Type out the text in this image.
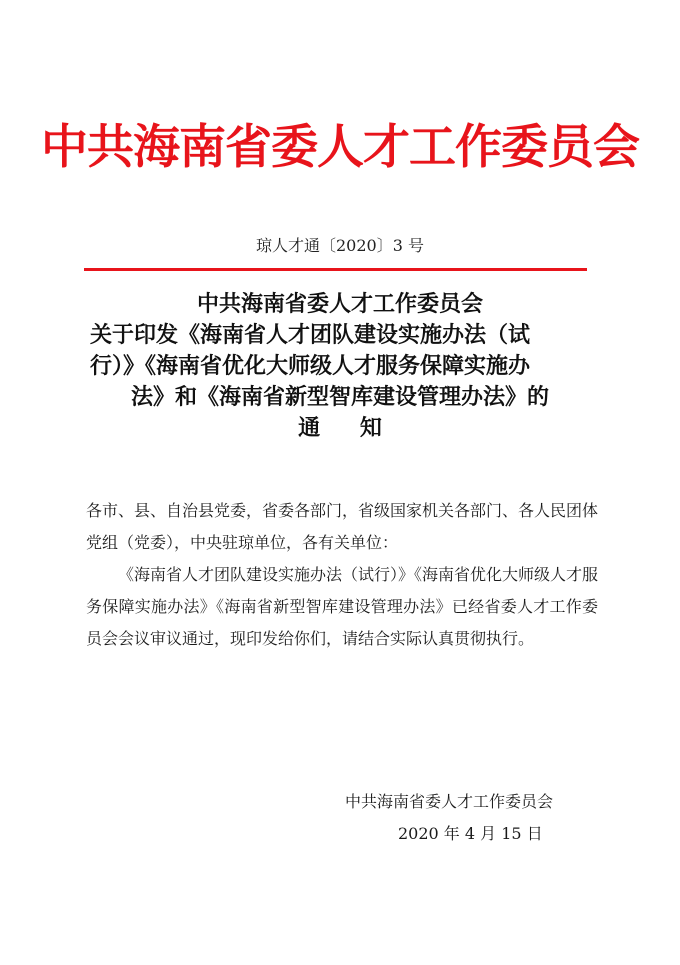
中共海南省委人才工作委员会
琼人才通〔2020〕3 号
中共海南省委人才工作委员会
关于印发《海南省人才团队建设实施办法（试
行）》《海南省优化大师级人才服务保障实施办
法》和《海南省新型智库建设管理办法》的
通 知

各市、县、自治县党委，省委各部门，省级国家机关各部门、各人民团体党组（党委），中央驻琼单位，各有关单位：

《海南省人才团队建设实施办法（试行）》《海南省优化大师级人才服务保障实施办法》《海南省新型智库建设管理办法》已经省委人才工作委员会会议审议通过，现印发给你们，请结合实际认真贯彻执行。

中共海南省委人才工作委员会
2020 年 4 月 15 日
